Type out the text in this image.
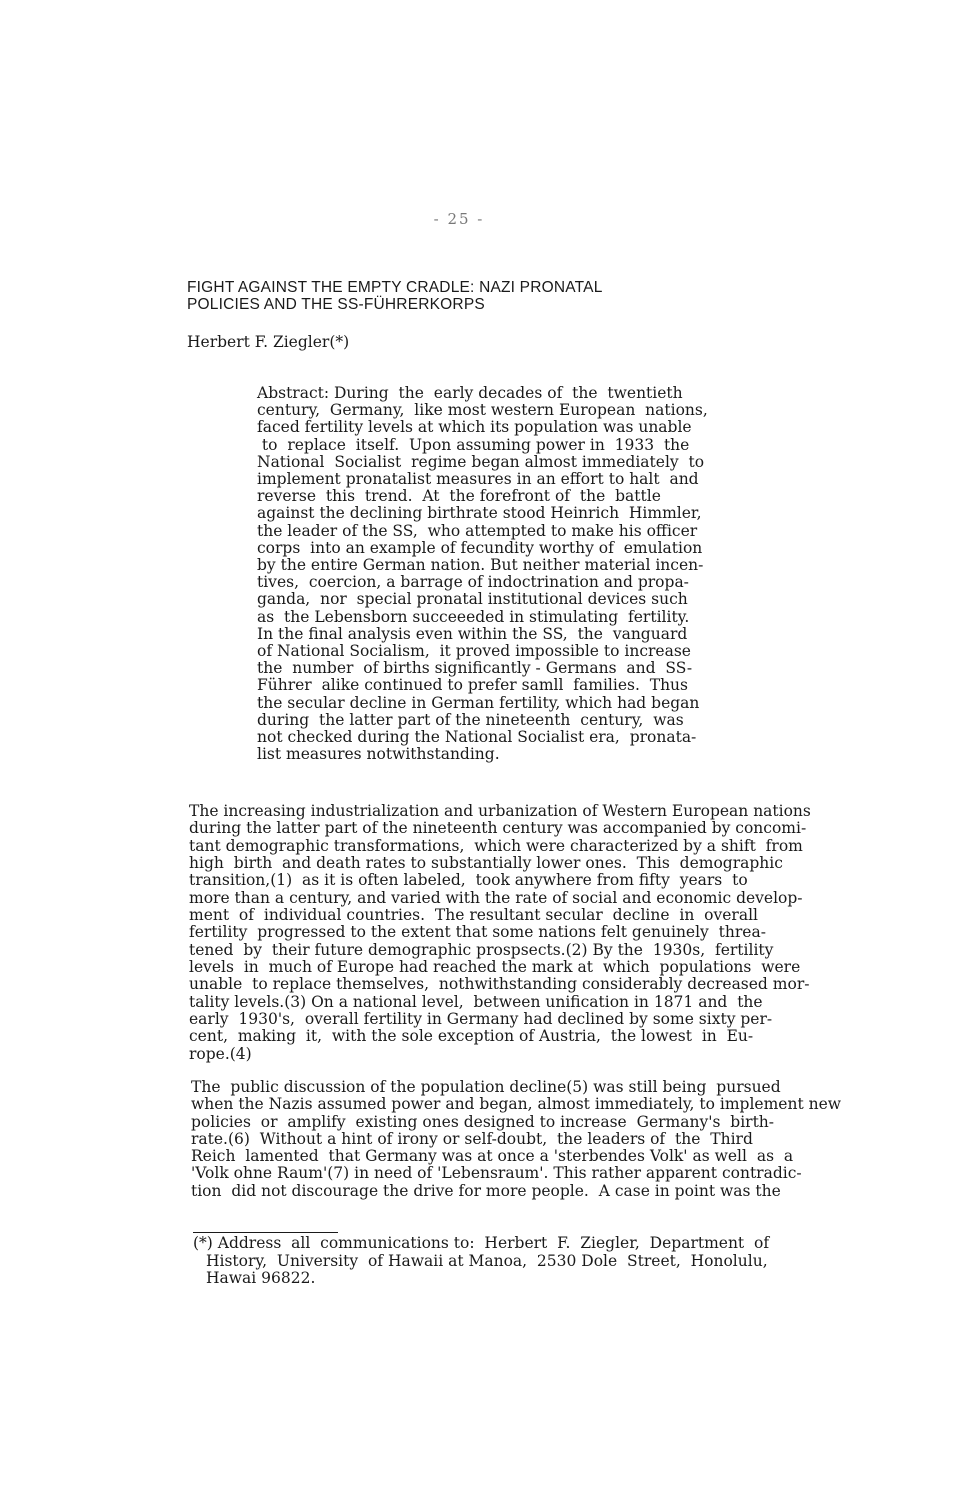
- 25 -
FIGHT AGAINST THE EMPTY CRADLE: NAZI PRONATAL
POLICIES AND THE SS-FÜHRERKORPS
Herbert F. Ziegler(*)
Abstract: During  the  early decades of  the  twentieth
century,  Germany,  like most western European  nations,
faced fertility levels at which its population was unable
to  replace  itself.  Upon assuming power in  1933  the
National  Socialist  regime began almost immediately  to
implement pronatalist measures in an effort to halt  and
reverse  this  trend.  At  the forefront of  the  battle
against the declining birthrate stood Heinrich  Himmler,
the leader of the SS,  who attempted to make his officer
corps  into an example of fecundity worthy of  emulation
by the entire German nation. But neither material incen-
tives,  coercion, a barrage of indoctrination and propa-
ganda,  nor  special pronatal institutional devices such
as  the Lebensborn succeeeded in stimulating  fertility.
In the final analysis even within the SS,  the  vanguard
of National Socialism,  it proved impossible to increase
the  number  of births significantly - Germans  and  SS-
Führer  alike continued to prefer samll  families.  Thus
the secular decline in German fertility, which had began
during  the latter part of the nineteenth  century,  was
not checked during the National Socialist era,  pronata-
list measures notwithstanding.
The increasing industrialization and urbanization of Western European nations
during the latter part of the nineteenth century was accompanied by concomi-
tant demographic transformations,  which were characterized by a shift  from
high  birth  and death rates to substantially lower ones.  This  demographic
transition,(1)  as it is often labeled,  took anywhere from fifty  years  to
more than a century, and varied with the rate of social and economic develop-
ment  of  individual countries.  The resultant secular  decline  in  overall
fertility  progressed to the extent that some nations felt genuinely  threa-
tened  by  their future demographic prospsects.(2) By the  1930s,  fertility
levels  in  much of Europe had reached the mark at  which  populations  were
unable  to replace themselves,  nothwithstanding considerably decreased mor-
tality levels.(3) On a national level,  between unification in 1871 and  the
early  1930's,  overall fertility in Germany had declined by some sixty per-
cent,  making  it,  with the sole exception of Austria,  the lowest  in  Eu-
rope.(4)
The  public discussion of the population decline(5) was still being  pursued
when the Nazis assumed power and began, almost immediately, to implement new
policies  or  amplify  existing ones designed to increase  Germany's  birth-
rate.(6)  Without a hint of irony or self-doubt,  the leaders of  the  Third
Reich  lamented  that Germany was at once a 'sterbendes Volk' as well  as  a
'Volk ohne Raum'(7) in need of 'Lebensraum'. This rather apparent contradic-
tion  did not discourage the drive for more people.  A case in point was the
(*) Address  all  communications to:  Herbert  F.  Ziegler,  Department  of
History,  University  of Hawaii at Manoa,  2530 Dole  Street,  Honolulu,
Hawai 96822.
